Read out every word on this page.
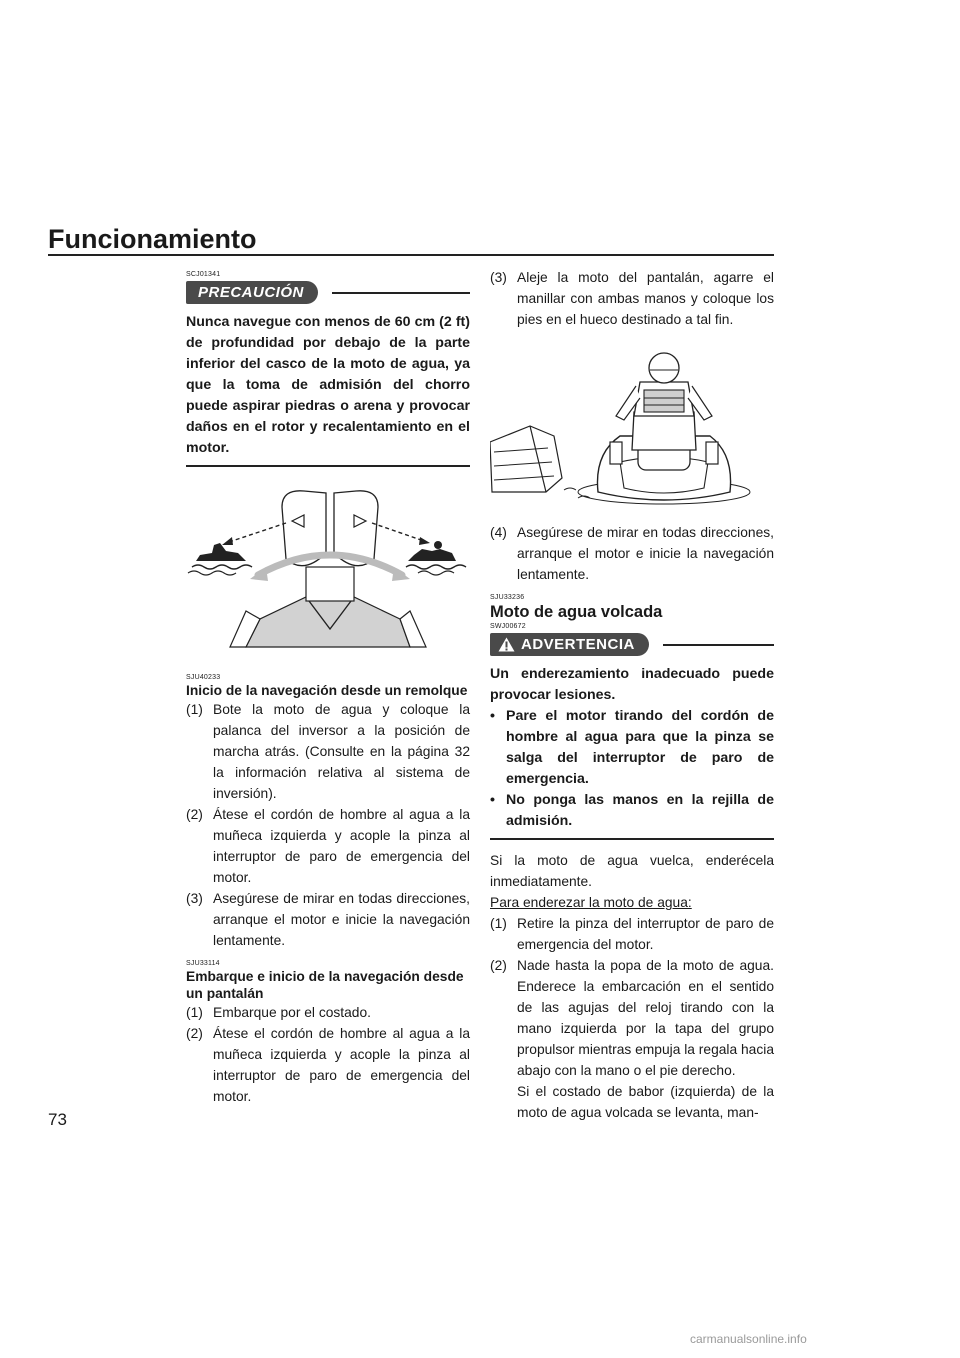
Funcionamiento
SCJ01341
PRECAUCIÓN
Nunca navegue con menos de 60 cm (2 ft) de profundidad por debajo de la parte inferior del casco de la moto de agua, ya que la toma de admisión del chorro puede aspirar piedras o arena y provocar daños en el rotor y recalentamiento en el motor.
SJU40233
Inicio de la navegación desde un remolque
(1) Bote la moto de agua y coloque la palanca del inversor a la posición de marcha atrás. (Consulte en la página 32 la información relativa al sistema de inversión).
(2) Átese el cordón de hombre al agua a la muñeca izquierda y acople la pinza al interruptor de paro de emergencia del motor.
(3) Asegúrese de mirar en todas direcciones, arranque el motor e inicie la navegación lentamente.
SJU33114
Embarque e inicio de la navegación desde un pantalán
(1) Embarque por el costado.
(2) Átese el cordón de hombre al agua a la muñeca izquierda y acople la pinza al interruptor de paro de emergencia del motor.
(3) Aleje la moto del pantalán, agarre el manillar con ambas manos y coloque los pies en el hueco destinado a tal fin.
(4) Asegúrese de mirar en todas direcciones, arranque el motor e inicie la navegación lentamente.
SJU33236
Moto de agua volcada
SWJ00672
ADVERTENCIA
Un enderezamiento inadecuado puede provocar lesiones.
• Pare el motor tirando del cordón de hombre al agua para que la pinza se salga del interruptor de paro de emergencia.
• No ponga las manos en la rejilla de admisión.
Si la moto de agua vuelca, enderécela inmediatamente.
Para enderezar la moto de agua:
(1) Retire la pinza del interruptor de paro de emergencia del motor.
(2) Nade hasta la popa de la moto de agua. Enderece la embarcación en el sentido de las agujas del reloj tirando con la mano izquierda por la tapa del grupo propulsor mientras empuja la regala hacia abajo con la mano o el pie derecho.
Si el costado de babor (izquierda) de la moto de agua volcada se levanta, man-
73
carmanualsonline.info
